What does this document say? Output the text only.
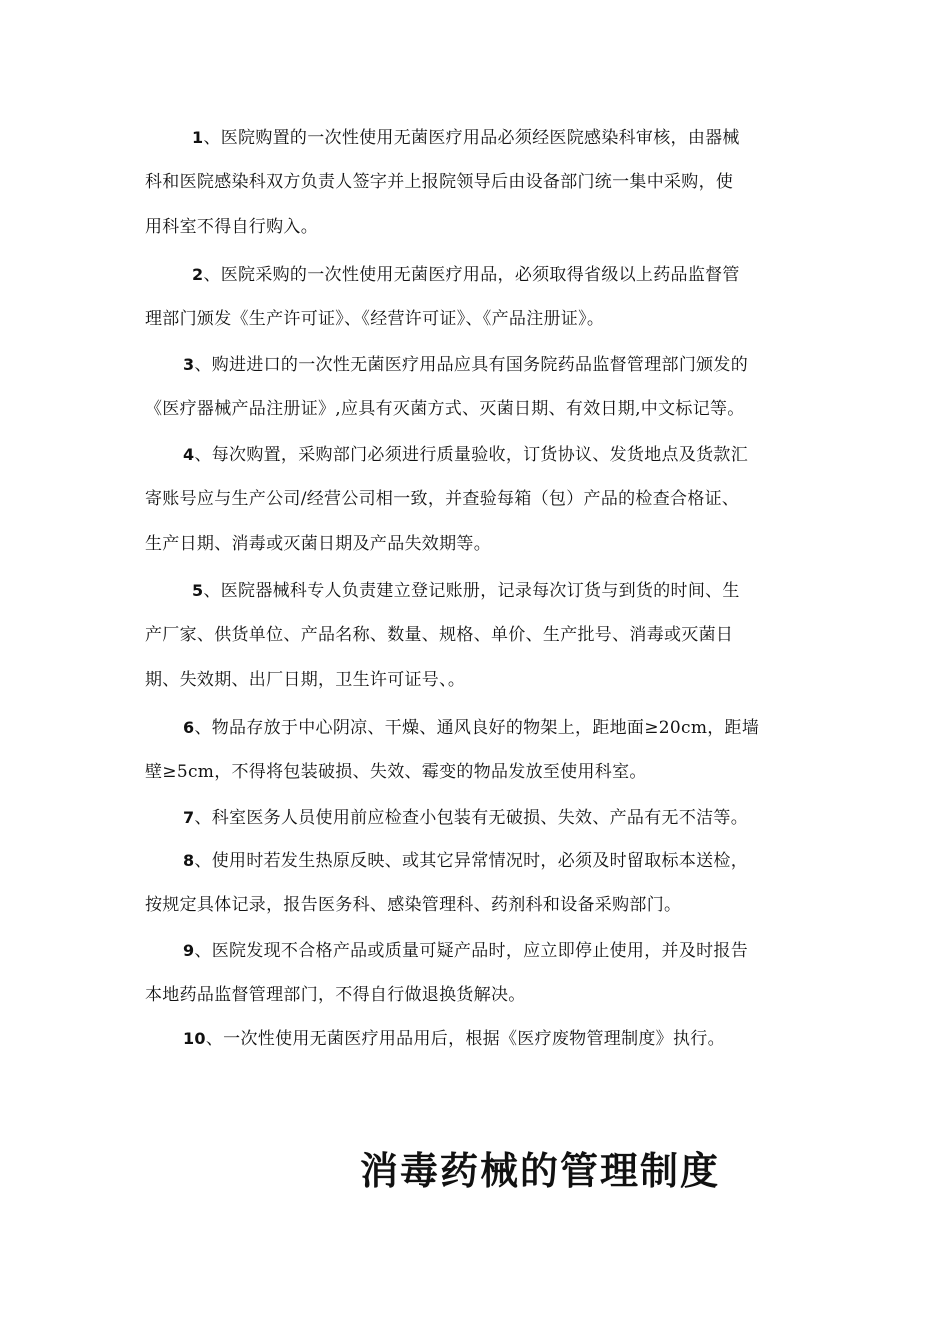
1、医院购置的一次性使用无菌医疗用品必须经医院感染科审核，由器械
科和医院感染科双方负责人签字并上报院领导后由设备部门统一集中采购，使
用科室不得自行购入。
2、医院采购的一次性使用无菌医疗用品，必须取得省级以上药品监督管
理部门颁发《生产许可证》、《经营许可证》、《产品注册证》。
3、购进进口的一次性无菌医疗用品应具有国务院药品监督管理部门颁发的
《医疗器械产品注册证》,应具有灭菌方式、灭菌日期、有效日期,中文标记等。
4、每次购置，采购部门必须进行质量验收，订货协议、发货地点及货款汇
寄账号应与生产公司/经营公司相一致，并查验每箱（包）产品的检查合格证、
生产日期、消毒或灭菌日期及产品失效期等。
5、医院器械科专人负责建立登记账册，记录每次订货与到货的时间、生
产厂家、供货单位、产品名称、数量、规格、单价、生产批号、消毒或灭菌日
期、失效期、出厂日期，卫生许可证号、。
6、物品存放于中心阴凉、干燥、通风良好的物架上，距地面≥20cm，距墙
壁≥5cm，不得将包装破损、失效、霉变的物品发放至使用科室。
7、科室医务人员使用前应检查小包装有无破损、失效、产品有无不洁等。
8、使用时若发生热原反映、或其它异常情况时，必须及时留取标本送检，
按规定具体记录，报告医务科、感染管理科、药剂科和设备采购部门。
9、医院发现不合格产品或质量可疑产品时，应立即停止使用，并及时报告
本地药品监督管理部门，不得自行做退换货解决。
10、一次性使用无菌医疗用品用后，根据《医疗废物管理制度》执行。
消毒药械的管理制度
